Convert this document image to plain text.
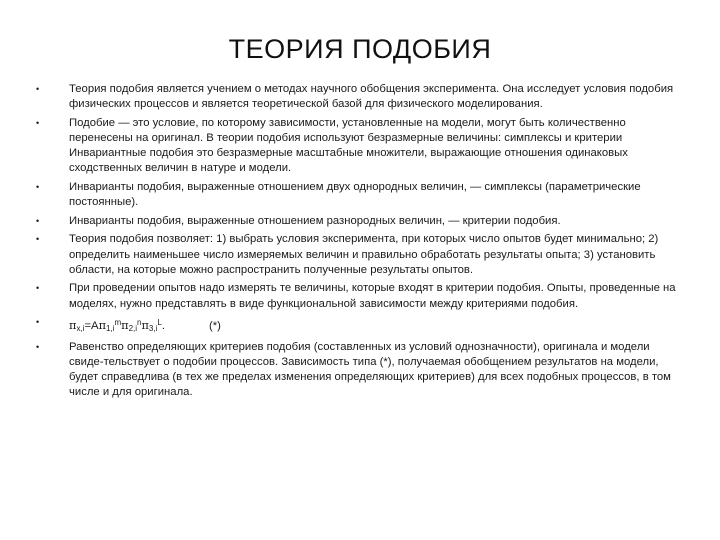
ТЕОРИЯ ПОДОБИЯ
•	Теория подобия является учением о методах научного обобщения эксперимента. Она исследует условия подобия физических процессов и является теоретической базой для физического моделирования.
•	Подобие — это условие, по которому зависимости, установленные на модели, могут быть количественно перенесены на оригинал. В теории подобия используют безразмерные величины: симплексы и критерии Инвариантные подобия это безразмерные масштабные множители, выражающие отношения одинаковых сходственных величин в натуре и модели.
•	Инварианты подобия, выраженные отношением двух однородных величин, — симплексы (параметрические постоянные).
•	Инварианты подобия, выраженные отношением разнородных величин, — критерии подобия.
•	Теория подобия позволяет: 1) выбрать условия эксперимента, при которых число опытов будет минимально; 2) определить наименьшее число измеряемых величин и правильно обработать результаты опыта; 3) установить области, на которые можно распространить полученные результаты опытов.
•	При проведении опытов надо измерять те величины, которые входят в критерии подобия. Опыты, проведенные на моделях, нужно представлять в виде функциональной зависимости между критериями подобия.
•	$\pi_{x,i}=A\pi_{1,i}^m\pi_{2,i}^n\pi_{3,i}^L$.	(*)
•	Равенство определяющих критериев подобия (составленных из условий однозначности), оригинала и модели свиде-тельствует о подобии процессов. Зависимость типа (*), получаемая обобщением результатов на модели, будет справедлива (в тех же пределах изменения определяющих критериев) для всех подобных процессов, в том числе и для оригинала.
